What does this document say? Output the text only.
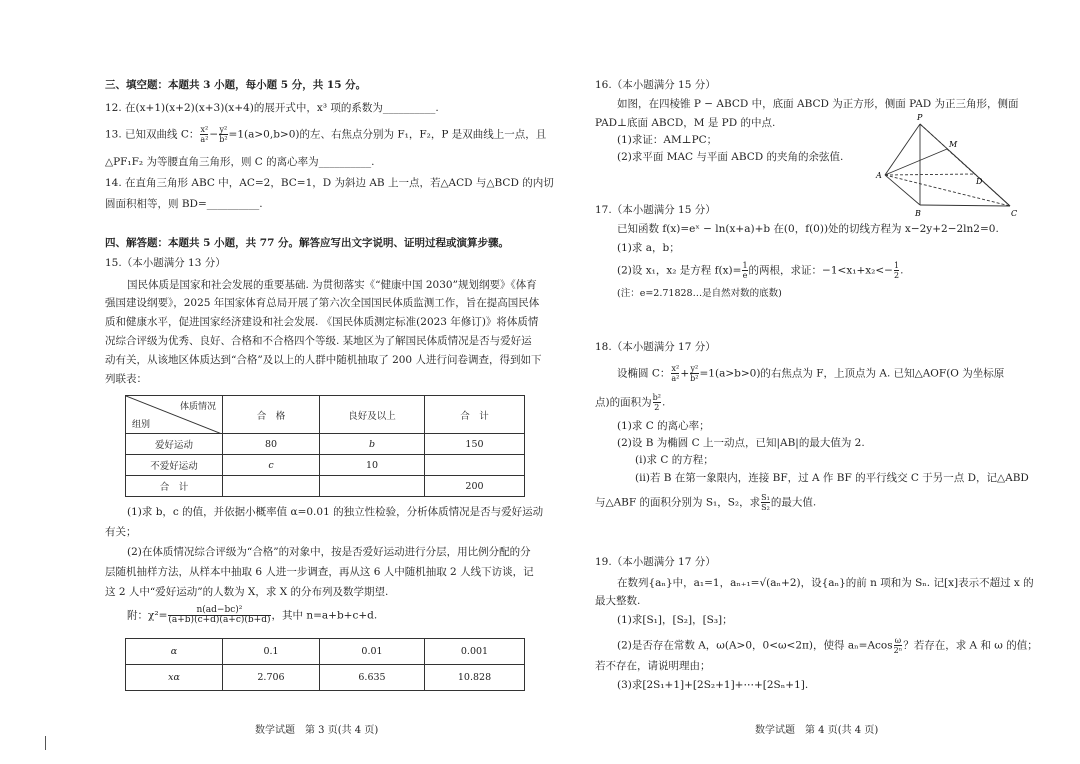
三、填空题：本题共 3 小题，每小题 5 分，共 15 分。
12. 在(x+1)(x+2)(x+3)(x+4)的展开式中，x³ 项的系数为__________.
13. 已知双曲线 C： $\frac{\text{x²}}{\text{a²}} - \frac{\text{y²}}{\text{b²}} =1(a>0,b>0)$的左、右焦点分别为 F₁，F₂，P 是双曲线上一点，且
△PF₁F₂ 为等腰直角三角形，则 C 的离心率为__________.
14. 在直角三角形 ABC 中，AC=2，BC=1，D 为斜边 AB 上一点，若△ACD 与△BCD 的内切
圆面积相等，则 BD=__________.
四、解答题：本题共 5 小题，共 77 分。解答应写出文字说明、证明过程或演算步骤。
15.（本小题满分 13 分）
国民体质是国家和社会发展的重要基础. 为贯彻落实《“健康中国 2030”规划纲要》《体育
强国建设纲要》，2025 年国家体育总局开展了第六次全国国民体质监测工作，旨在提高国民体
质和健康水平，促进国家经济建设和社会发展. 《国民体质测定标准(2023 年修订)》将体质情
况综合评级为优秀、良好、合格和不合格四个等级. 某地区为了解国民体质情况是否与爱好运
动有关，从该地区体质达到“合格”及以上的人群中随机抽取了 200 人进行问卷调查，得到如下
列联表：
体质情况
组别	合　格	良好及以上	合　计
爱好运动	80	b	150
不爱好运动	c	10	
合　计			200
(1)求 b，c 的值，并依据小概率值 α=0.01 的独立性检验，分析体质情况是否与爱好运动
有关；
(2)在体质情况综合评级为“合格”的对象中，按是否爱好运动进行分层，用比例分配的分
层随机抽样方法，从样本中抽取 6 人进一步调查，再从这 6 人中随机抽取 2 人线下访谈，记
这 2 人中“爱好运动”的人数为 X，求 X 的分布列及数学期望.
附：$\chi^2= \frac{\text{n(ad−bc)²}}{(a+b)(c+d)(a+c)(b+d)}$ ，其中 n=a+b+c+d.
α	0.1	0.01	0.001
xα	2.706	6.635	10.828
数学试题　第 3 页(共 4 页)
16.（本小题满分 15 分）
如图，在四棱锥 P − ABCD 中，底面 ABCD 为正方形，侧面 PAD 为正三角形，侧面
PAD⊥底面 ABCD，M 是 PD 的中点.
(1)求证：AM⊥PC；
(2)求平面 MAC 与平面 ABCD 的夹角的余弦值.
P
M
A
D
B	C
17.（本小题满分 15 分）
已知函数 f(x)=eˣ − ln(x+a)+b 在(0，f(0))处的切线方程为 x−2y+2−2ln2=0.
(1)求 a，b；
(2)设 x₁，x₂ 是方程 $f(x)= \frac{1}{e}$ 的两根，求证：$-1<x_1+x_2<- \frac{1}{2}$ .
(注：e=2.71828…是自然对数的底数)
18.（本小题满分 17 分）
设椭圆 C： $\frac{\text{x²}}{\text{a²}} + \frac{\text{y²}}{\text{b²}} =1(a>b>0)$的右焦点为 F，上顶点为 A. 已知△AOF(O 为坐标原
点)的面积为 $\frac{\text{b²}}{2}$ .
(1)求 C 的离心率；
(2)设 B 为椭圆 C 上一动点，已知|AB|的最大值为 2.
(i)求 C 的方程；
(ii)若 B 在第一象限内，连接 BF，过 A 作 BF 的平行线交 C 于另一点 D，记△ABD
与△ABF 的面积分别为 S₁，S₂，求 $\frac{\text{S₁}}{\text{S₂}}$ 的最大值.
19.（本小题满分 17 分）
在数列{aₙ}中，a₁=1，aₙ₊₁=√(aₙ+2)，设{aₙ}的前 n 项和为 Sₙ. 记[x]表示不超过 x 的
最大整数.
(1)求[S₁]，[S₂]，[S₃]；
(2)是否存在常数 A，ω(A>0，0<ω<2π)，使得 $a_n=Acos \frac{\omega}{\text{2ⁿ}}$ ？若存在，求 A 和 ω 的值；
若不存在，请说明理由；
(3)求[2S₁+1]+[2S₂+1]+⋯+[2Sₙ+1].
数学试题　第 4 页(共 4 页)
